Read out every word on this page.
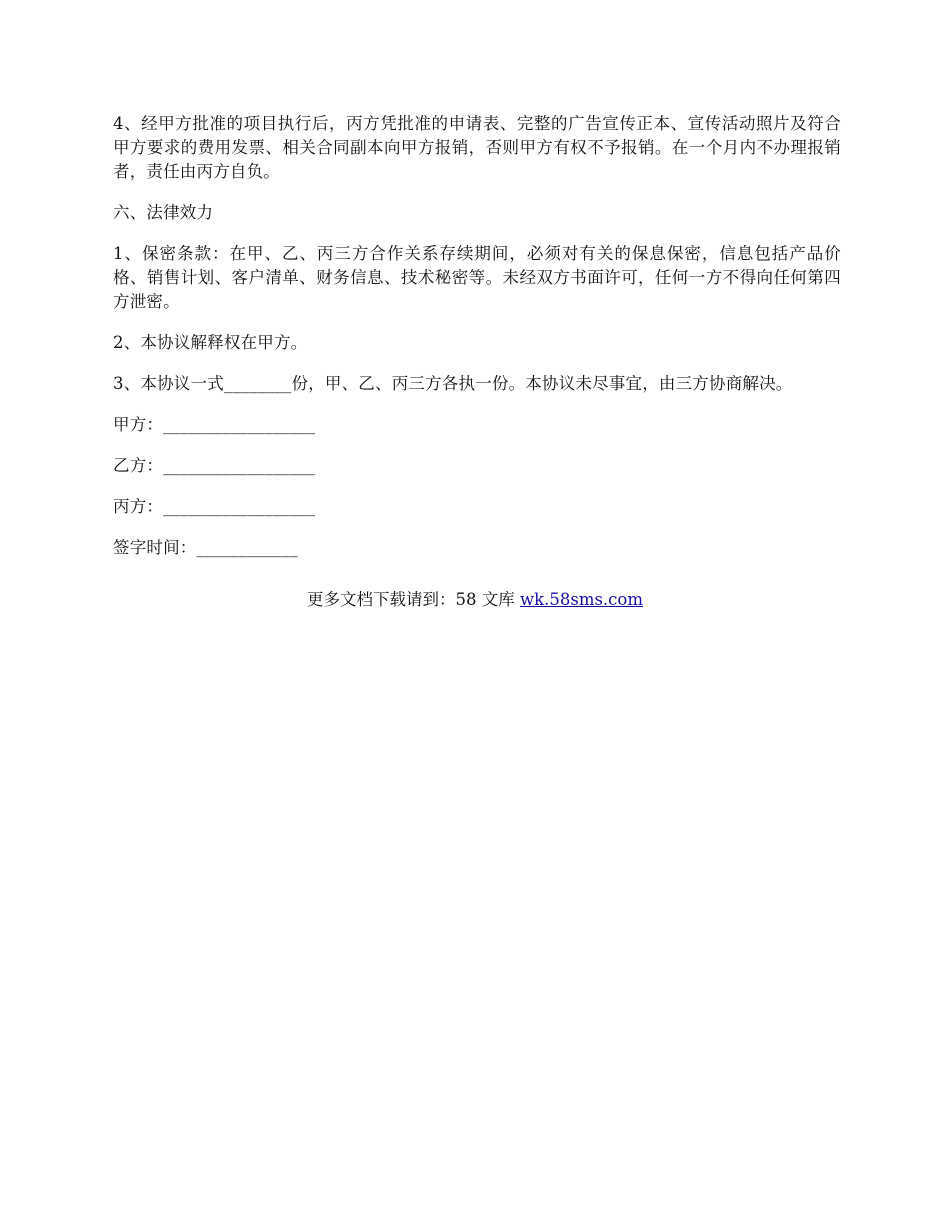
4、经甲方批准的项目执行后，丙方凭批准的申请表、完整的广告宣传正本、宣传活动照片及符合甲方要求的费用发票、相关合同副本向甲方报销，否则甲方有权不予报销。在一个月内不办理报销者，责任由丙方自负。

六、法律效力

1、保密条款：在甲、乙、丙三方合作关系存续期间，必须对有关的保息保密，信息包括产品价格、销售计划、客户清单、财务信息、技术秘密等。未经双方书面许可，任何一方不得向任何第四方泄密。

2、本协议解释权在甲方。

3、本协议一式________份，甲、乙、丙三方各执一份。本协议未尽事宜，由三方协商解决。

甲方：__________________

乙方：__________________

丙方：__________________

签字时间：____________

更多文档下载请到：58 文库 wk.58sms.com
